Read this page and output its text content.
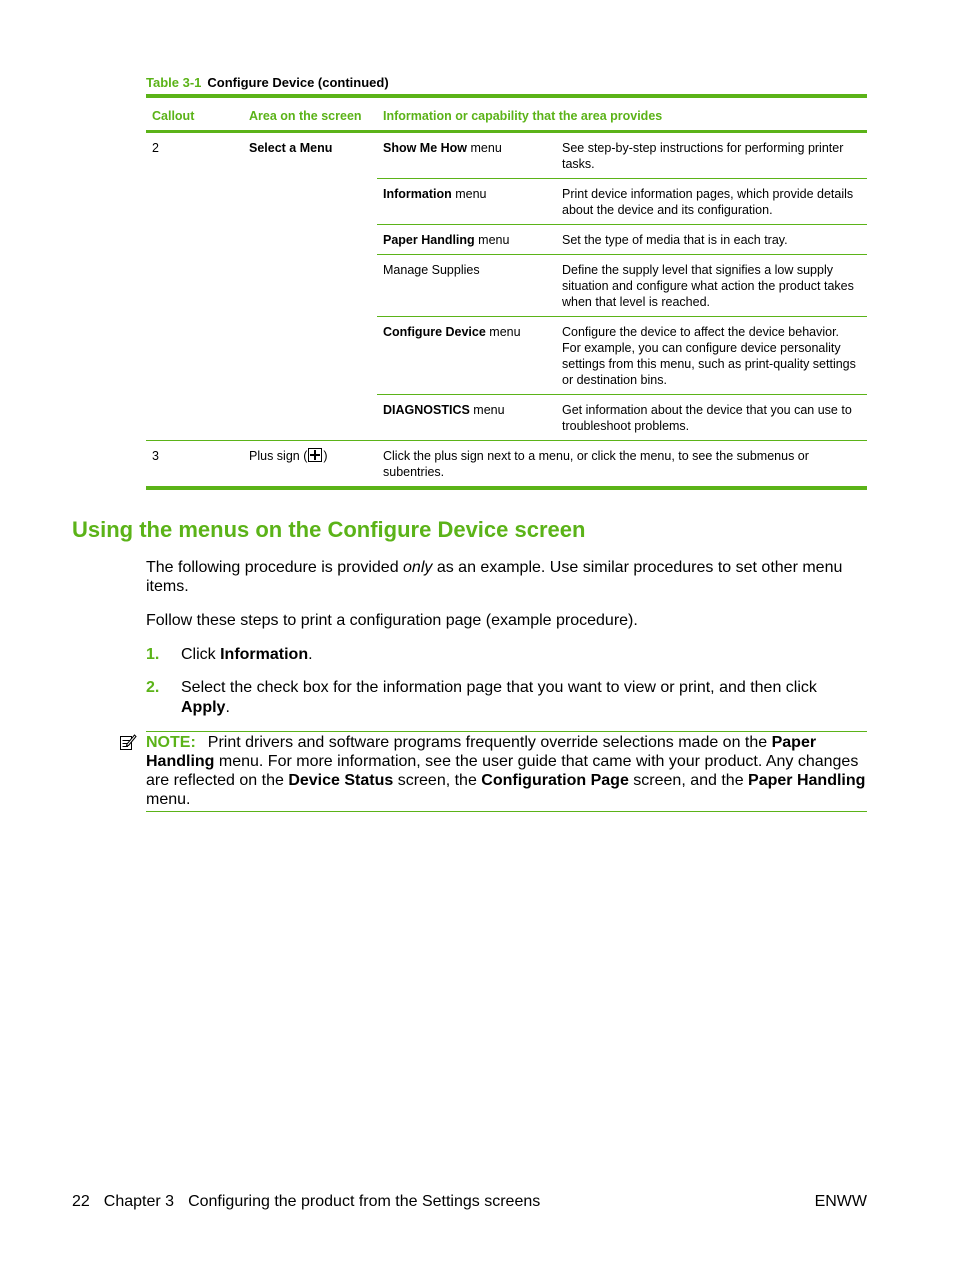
Table 3-1 Configure Device (continued)
Callout	Area on the screen	Information or capability that the area provides	
2	Select a Menu	Show Me How menu	See step-by-step instructions for performing printer tasks.
		Information menu	Print device information pages, which provide details about the device and its configuration.
		Paper Handling menu	Set the type of media that is in each tray.
		Manage Supplies	Define the supply level that signifies a low supply situation and configure what action the product takes when that level is reached.
		Configure Device menu	Configure the device to affect the device behavior. For example, you can configure device personality settings from this menu, such as print-quality settings or destination bins.
		DIAGNOSTICS menu	Get information about the device that you can use to troubleshoot problems.
3	Plus sign ( )	Click the plus sign next to a menu, or click the menu, to see the submenus or subentries.	
Using the menus on the Configure Device screen

The following procedure is provided only as an example. Use similar procedures to set other menu items.

Follow these steps to print a configuration page (example procedure).

1. Click Information.
2. Select the check box for the information page that you want to view or print, and then click Apply.
NOTE: Print drivers and software programs frequently override selections made on the Paper Handling menu. For more information, see the user guide that came with your product. Any changes are reflected on the Device Status screen, the Configuration Page screen, and the Paper Handling menu.
22 Chapter 3 Configuring the product from the Settings screens	ENWW
